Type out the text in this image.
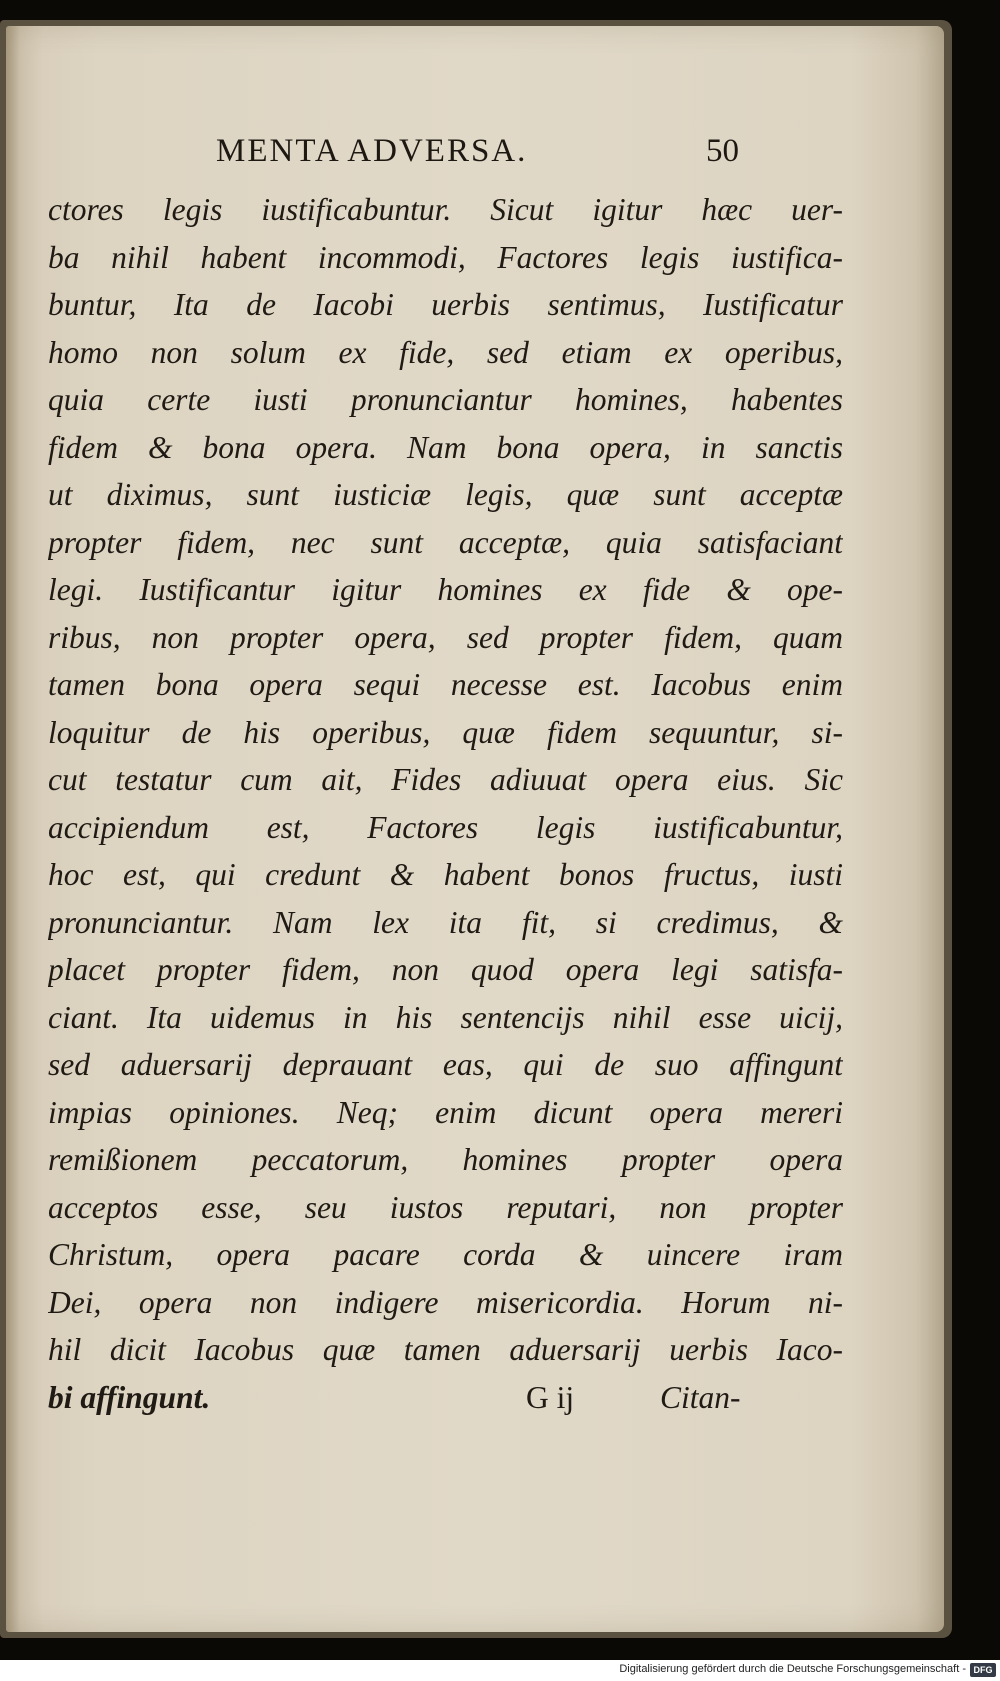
MENTA ADVERSA.	50
ctores legis iustificabuntur. Sicut igitur hæc uer-
ba nihil habent incommodi, Factores legis iustifica-
buntur, Ita de Iacobi uerbis sentimus, Iustificatur
homo non solum ex fide, sed etiam ex operibus,
quia certe iusti pronunciantur homines, habentes
fidem & bona opera. Nam bona opera, in sanctis
ut diximus, sunt iusticiæ legis, quæ sunt acceptæ
propter fidem, nec sunt acceptæ, quia satisfaciant
legi. Iustificantur igitur homines ex fide & ope-
ribus, non propter opera, sed propter fidem, quam
tamen bona opera sequi necesse est. Iacobus enim
loquitur de his operibus, quæ fidem sequuntur, si-
cut testatur cum ait, Fides adiuuat opera eius. Sic
accipiendum est, Factores legis iustificabuntur,
hoc est, qui credunt & habent bonos fructus, iusti
pronunciantur. Nam lex ita fit, si credimus, &
placet propter fidem, non quod opera legi satisfa-
ciant. Ita uidemus in his sentencijs nihil esse uicij,
sed aduersarij deprauant eas, qui de suo affingunt
impias opiniones. Neq; enim dicunt opera mereri
remißionem peccatorum, homines propter opera
acceptos esse, seu iustos reputari, non propter
Christum, opera pacare corda & uincere iram
Dei, opera non indigere misericordia. Horum ni-
hil dicit Iacobus quæ tamen aduersarij uerbis Iaco-
bi affingunt.	G ij	Citan-
Digitalisierung gefördert durch die Deutsche Forschungsgemeinschaft - DFG
